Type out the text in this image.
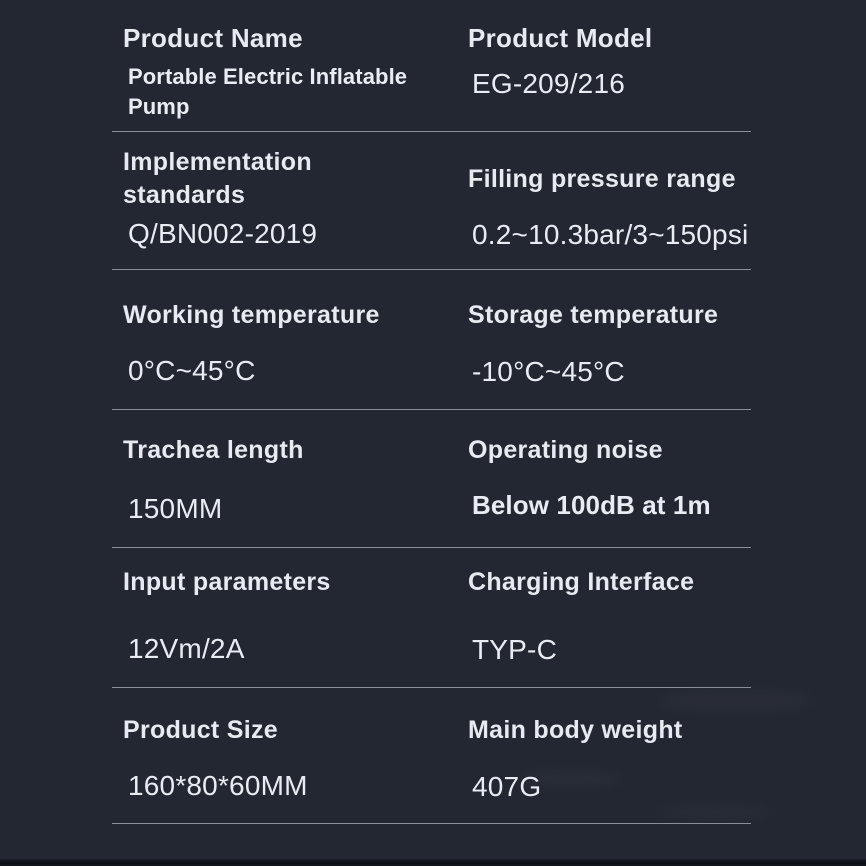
Product Name
Portable Electric Inflatable Pump
Product Model
EG-209/216
Implementation standards
Q/BN002-2019
Filling pressure range
0.2~10.3bar/3~150psi
Working temperature
0°C~45°C
Storage temperature
-10°C~45°C
Trachea length
150MM
Operating noise
Below 100dB at 1m
Input parameters
12Vm/2A
Charging Interface
TYP-C
Product Size
160*80*60MM
Main body weight
407G
